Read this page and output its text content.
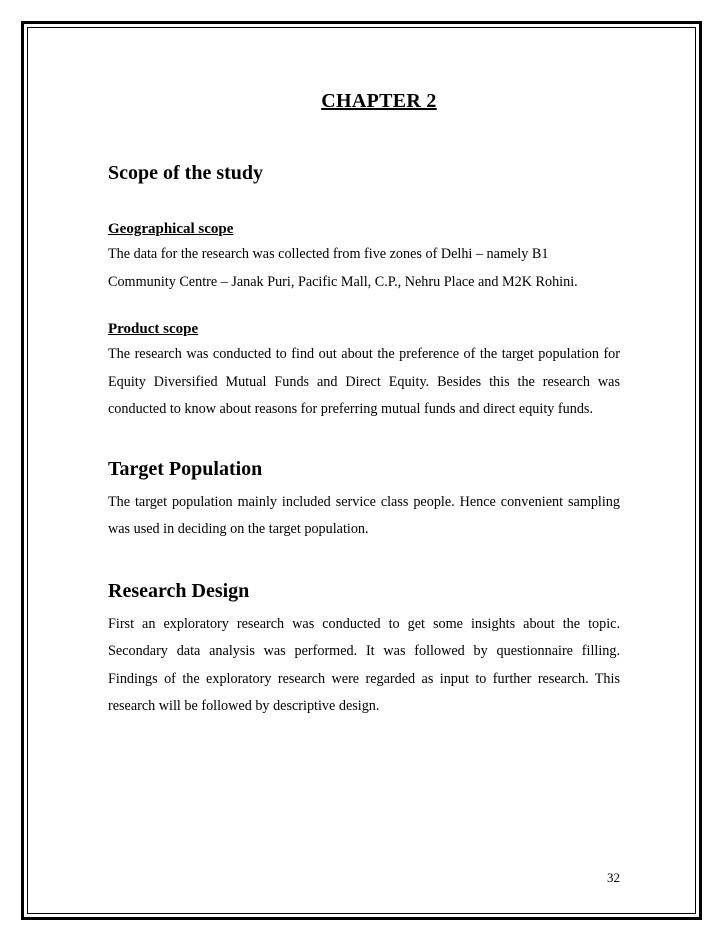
CHAPTER 2
Scope of the study
Geographical scope

The data for the research was collected from five zones of Delhi – namely B1 Community Centre – Janak Puri, Pacific Mall, C.P., Nehru Place and M2K Rohini.

Product scope

The research was conducted to find out about the preference of the target population for Equity Diversified Mutual Funds and Direct Equity. Besides this the research was conducted to know about reasons for preferring mutual funds and direct equity funds.

Target Population

The target population mainly included service class people. Hence convenient sampling was used in deciding on the target population.

Research Design

First an exploratory research was conducted to get some insights about the topic. Secondary data analysis was performed. It was followed by questionnaire filling. Findings of the exploratory research were regarded as input to further research. This research will be followed by descriptive design.

32
